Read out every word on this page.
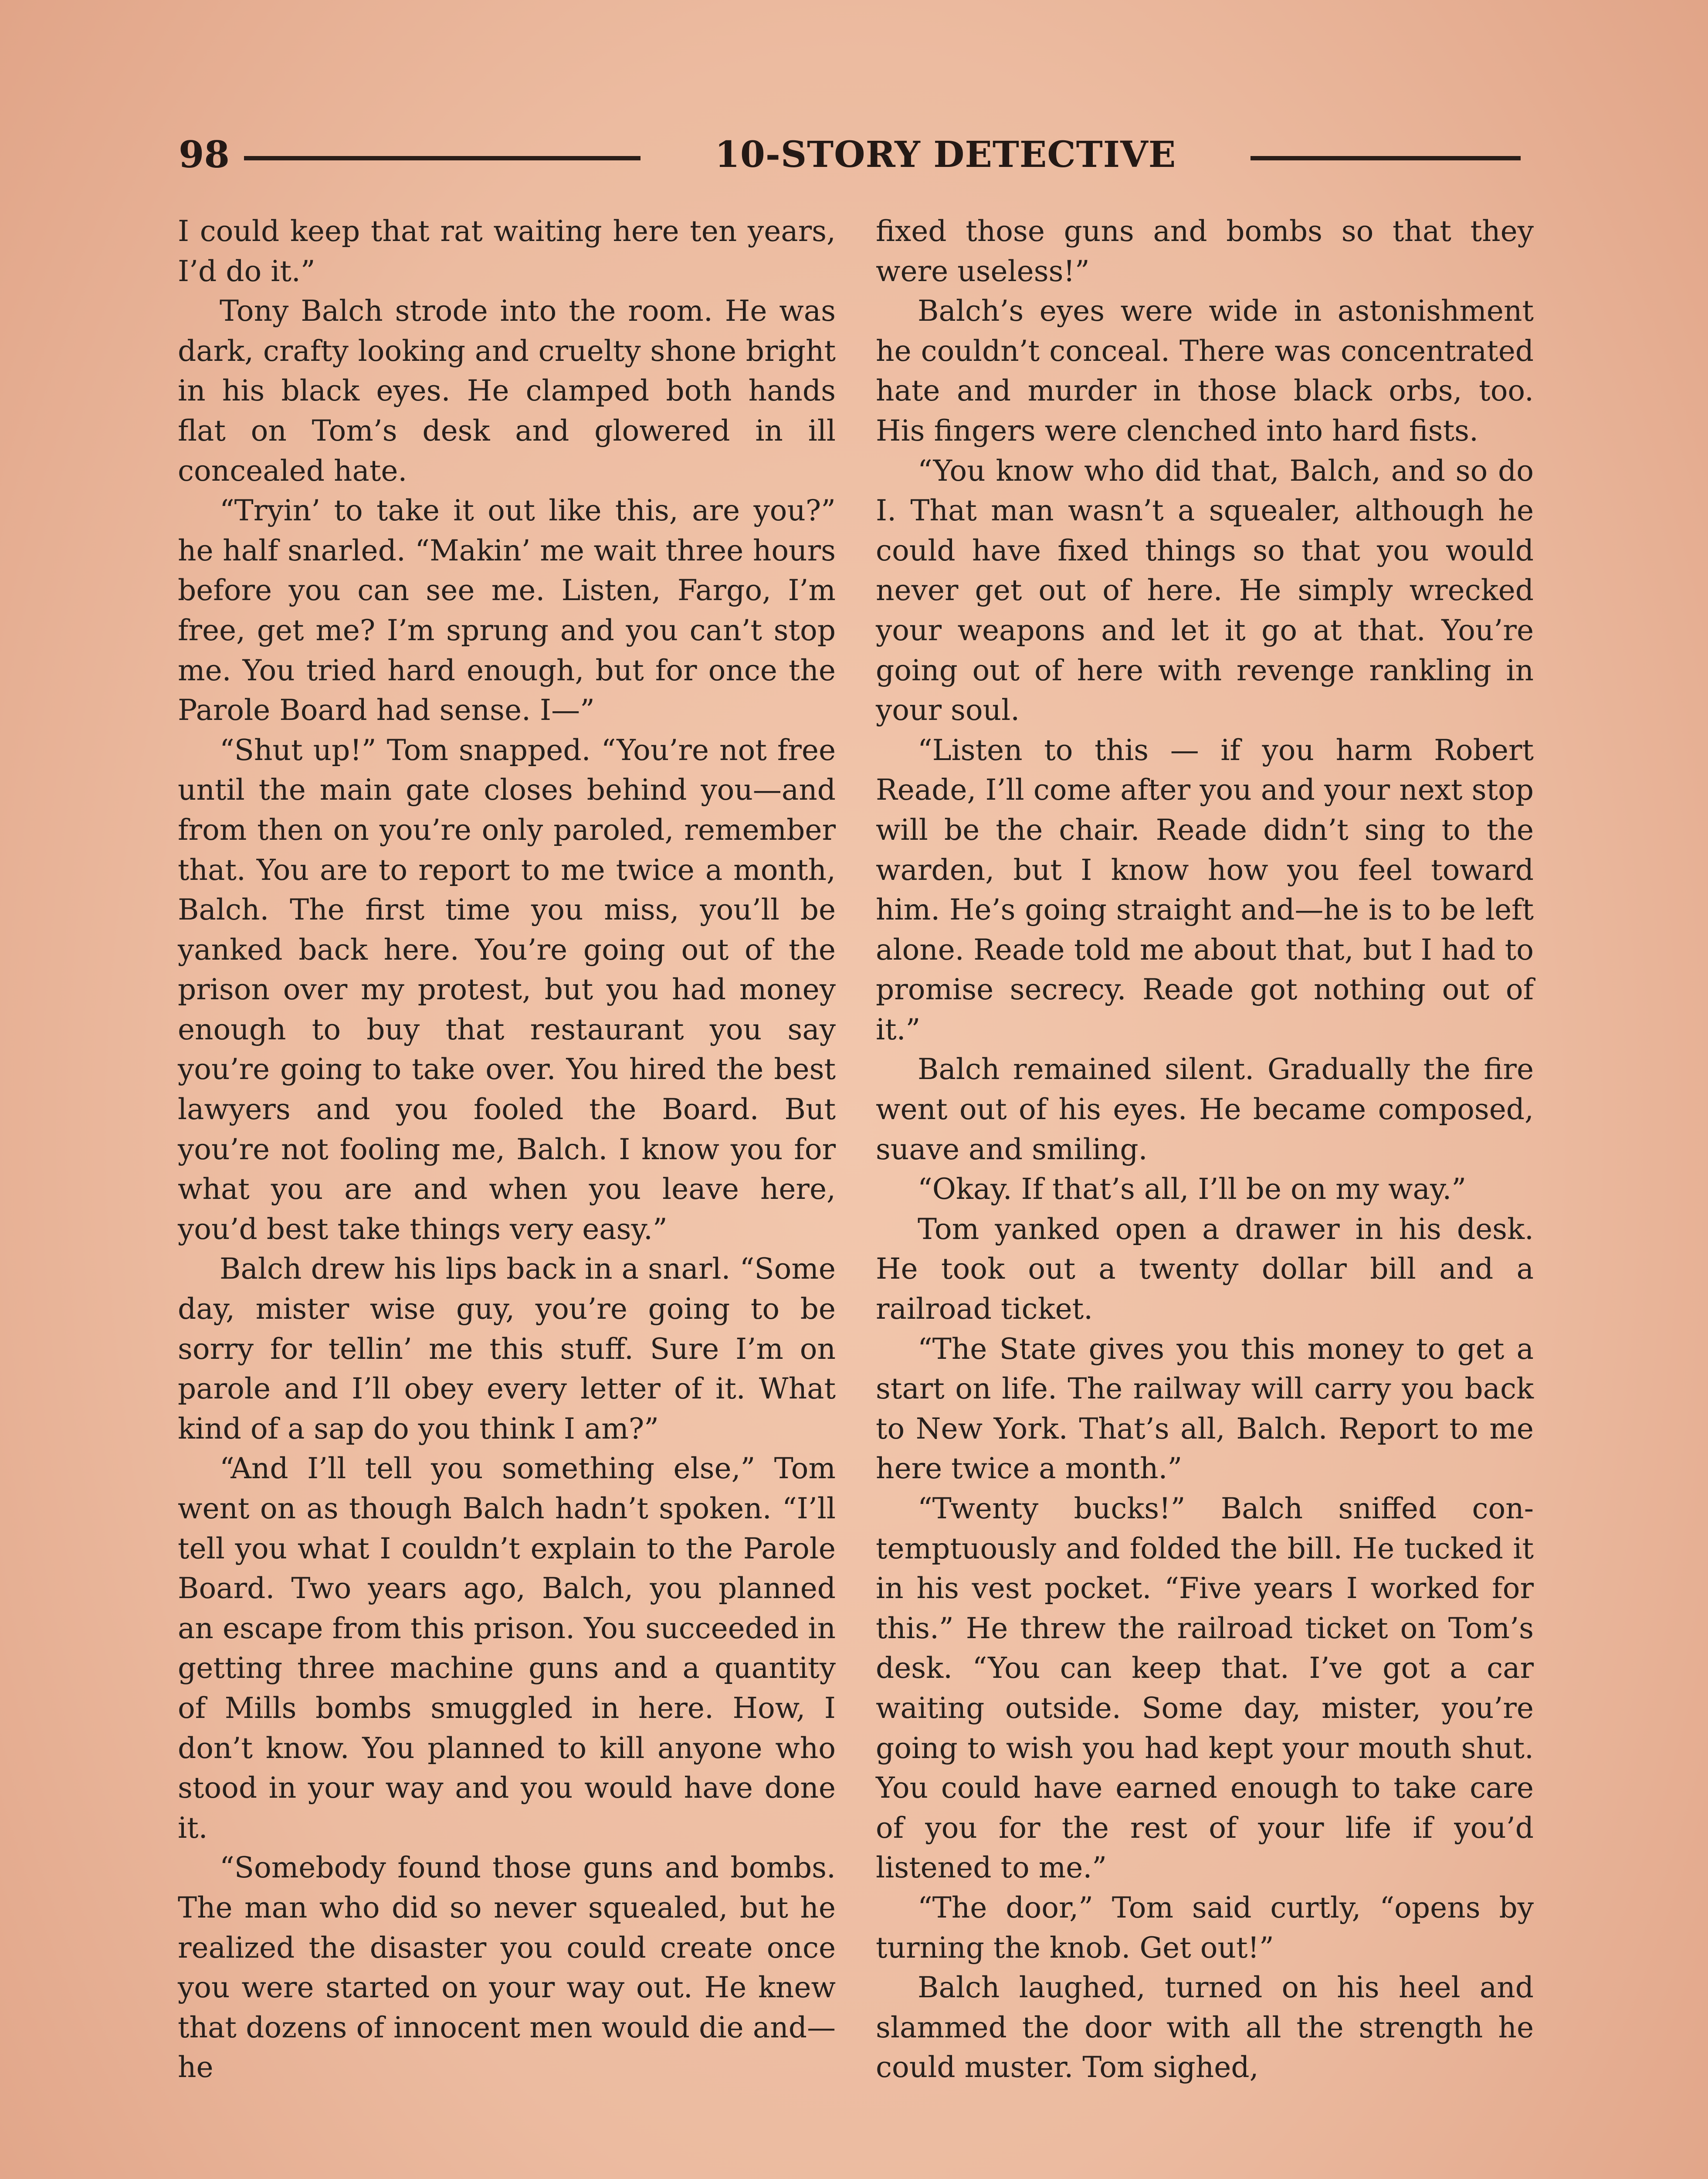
98	10-STORY DETECTIVE

I could keep that rat waiting here ten years, I’d do it.”

Tony Balch strode into the room. He was dark, crafty looking and cruelty shone bright in his black eyes. He clamped both hands flat on Tom’s desk and glowered in ill concealed hate.

“Tryin’ to take it out like this, are you?” he half snarled. “Makin’ me wait three hours before you can see me. Listen, Fargo, I’m free, get me? I’m sprung and you can’t stop me. You tried hard enough, but for once the Parole Board had sense. I—”

“Shut up!” Tom snapped. “You’re not free until the main gate closes behind you—and from then on you’re only paroled, remember that. You are to report to me twice a month, Balch. The first time you miss, you’ll be yanked back here. You’re going out of the prison over my protest, but you had money enough to buy that restaurant you say you’re going to take over. You hired the best lawyers and you fooled the Board. But you’re not fooling me, Balch. I know you for what you are and when you leave here, you’d best take things very easy.”

Balch drew his lips back in a snarl. “Some day, mister wise guy, you’re going to be sorry for tellin’ me this stuff. Sure I’m on parole and I’ll obey every letter of it. What kind of a sap do you think I am?”

“And I’ll tell you something else,” Tom went on as though Balch hadn’t spoken. “I’ll tell you what I couldn’t explain to the Parole Board. Two years ago, Balch, you planned an escape from this prison. You succeeded in getting three machine guns and a quantity of Mills bombs smuggled in here. How, I don’t know. You planned to kill anyone who stood in your way and you would have done it.

“Somebody found those guns and bombs. The man who did so never squealed, but he realized the disaster you could create once you were started on your way out. He knew that dozens of innocent men would die and—he

fixed those guns and bombs so that they were useless!”

Balch’s eyes were wide in astonishment he couldn’t conceal. There was concentrated hate and murder in those black orbs, too. His fingers were clenched into hard fists.

“You know who did that, Balch, and so do I. That man wasn’t a squealer, although he could have fixed things so that you would never get out of here. He simply wrecked your weapons and let it go at that. You’re going out of here with revenge rankling in your soul.

“Listen to this — if you harm Robert Reade, I’ll come after you and your next stop will be the chair. Reade didn’t sing to the warden, but I know how you feel toward him. He’s going straight and—he is to be left alone. Reade told me about that, but I had to promise secrecy. Reade got nothing out of it.”

Balch remained silent. Gradually the fire went out of his eyes. He became composed, suave and smiling.

“Okay. If that’s all, I’ll be on my way.”

Tom yanked open a drawer in his desk. He took out a twenty dollar bill and a railroad ticket.

“The State gives you this money to get a start on life. The railway will carry you back to New York. That’s all, Balch. Report to me here twice a month.”

“Twenty bucks!” Balch sniffed contemptuously and folded the bill. He tucked it in his vest pocket. “Five years I worked for this.” He threw the railroad ticket on Tom’s desk. “You can keep that. I’ve got a car waiting outside. Some day, mister, you’re going to wish you had kept your mouth shut. You could have earned enough to take care of you for the rest of your life if you’d listened to me.”

“The door,” Tom said curtly, “opens by turning the knob. Get out!”

Balch laughed, turned on his heel and slammed the door with all the strength he could muster. Tom sighed,
